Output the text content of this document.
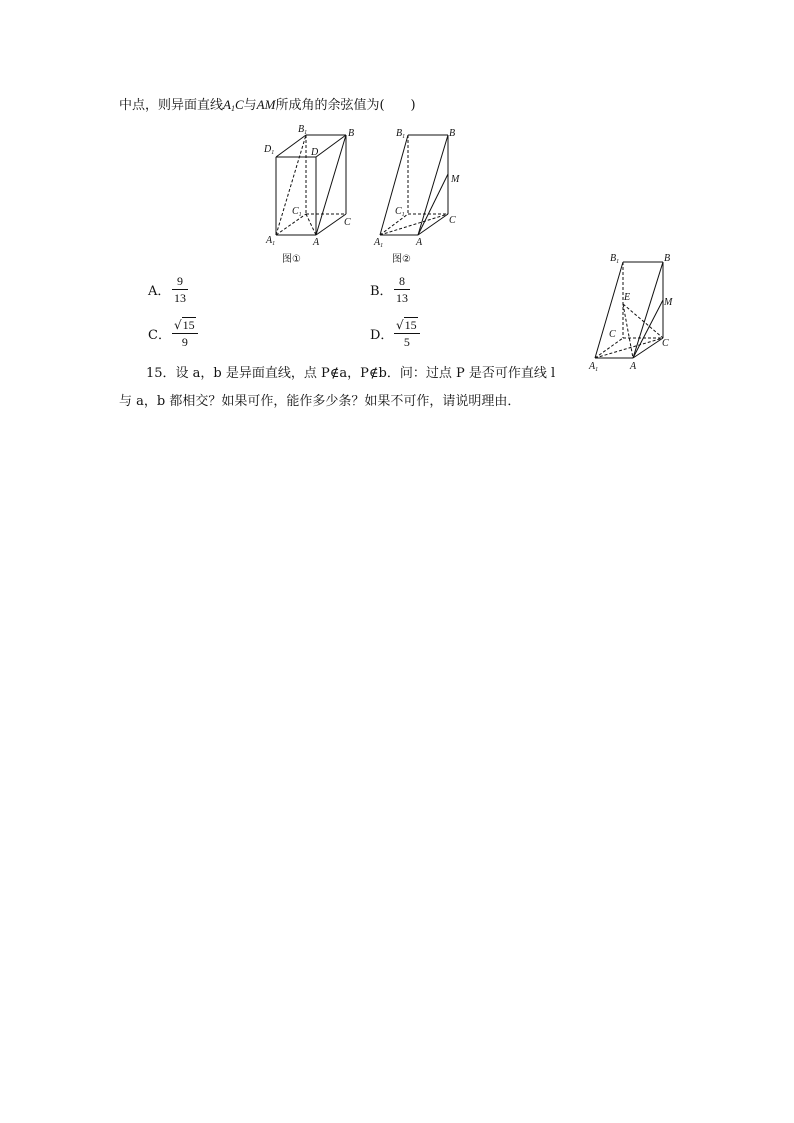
中点，则异面直线$A_1C$与AM所成角的余弦值为( )
$B_1$	B
$D_1$	D
$C_1$
C
$A_1$	A
图①
$B_1$	B
M
$C_1$	C
$A_1$	A
图②	$B_1$	B
E	M
C
C
$A_1$	A
A．
9
13	B．
8
13
C．
√15
9	D．
√15
5
15．设 a，b 是异面直线，点 P∉a，P∉b．问：过点 P 是否可作直线 l
与 a，b 都相交？如果可作，能作多少条？如果不可作，请说明理由．
